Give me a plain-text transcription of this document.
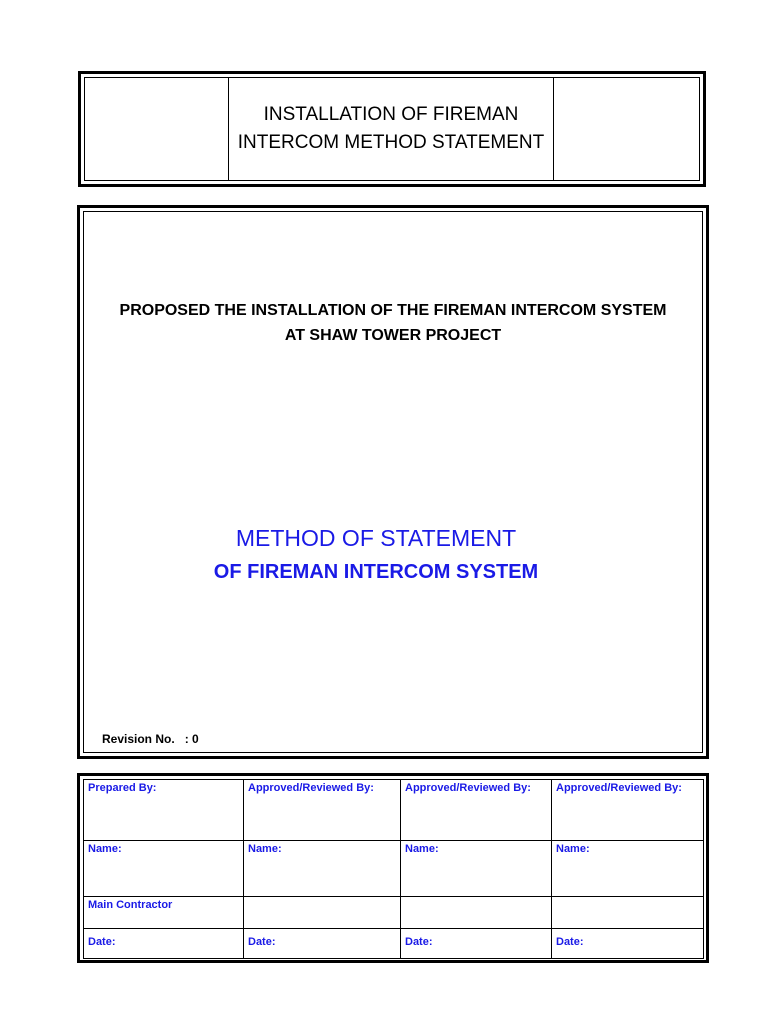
INSTALLATION OF FIREMAN
INTERCOM METHOD STATEMENT
PROPOSED THE INSTALLATION OF THE FIREMAN INTERCOM SYSTEM
AT SHAW TOWER PROJECT
METHOD OF STATEMENT
OF FIREMAN INTERCOM SYSTEM
Revision No. : 0
Prepared By:	Approved/Reviewed By:	Approved/Reviewed By:	Approved/Reviewed By:
Name:	Name:	Name:	Name:
Main Contractor			
Date:	Date:	Date:	Date:
